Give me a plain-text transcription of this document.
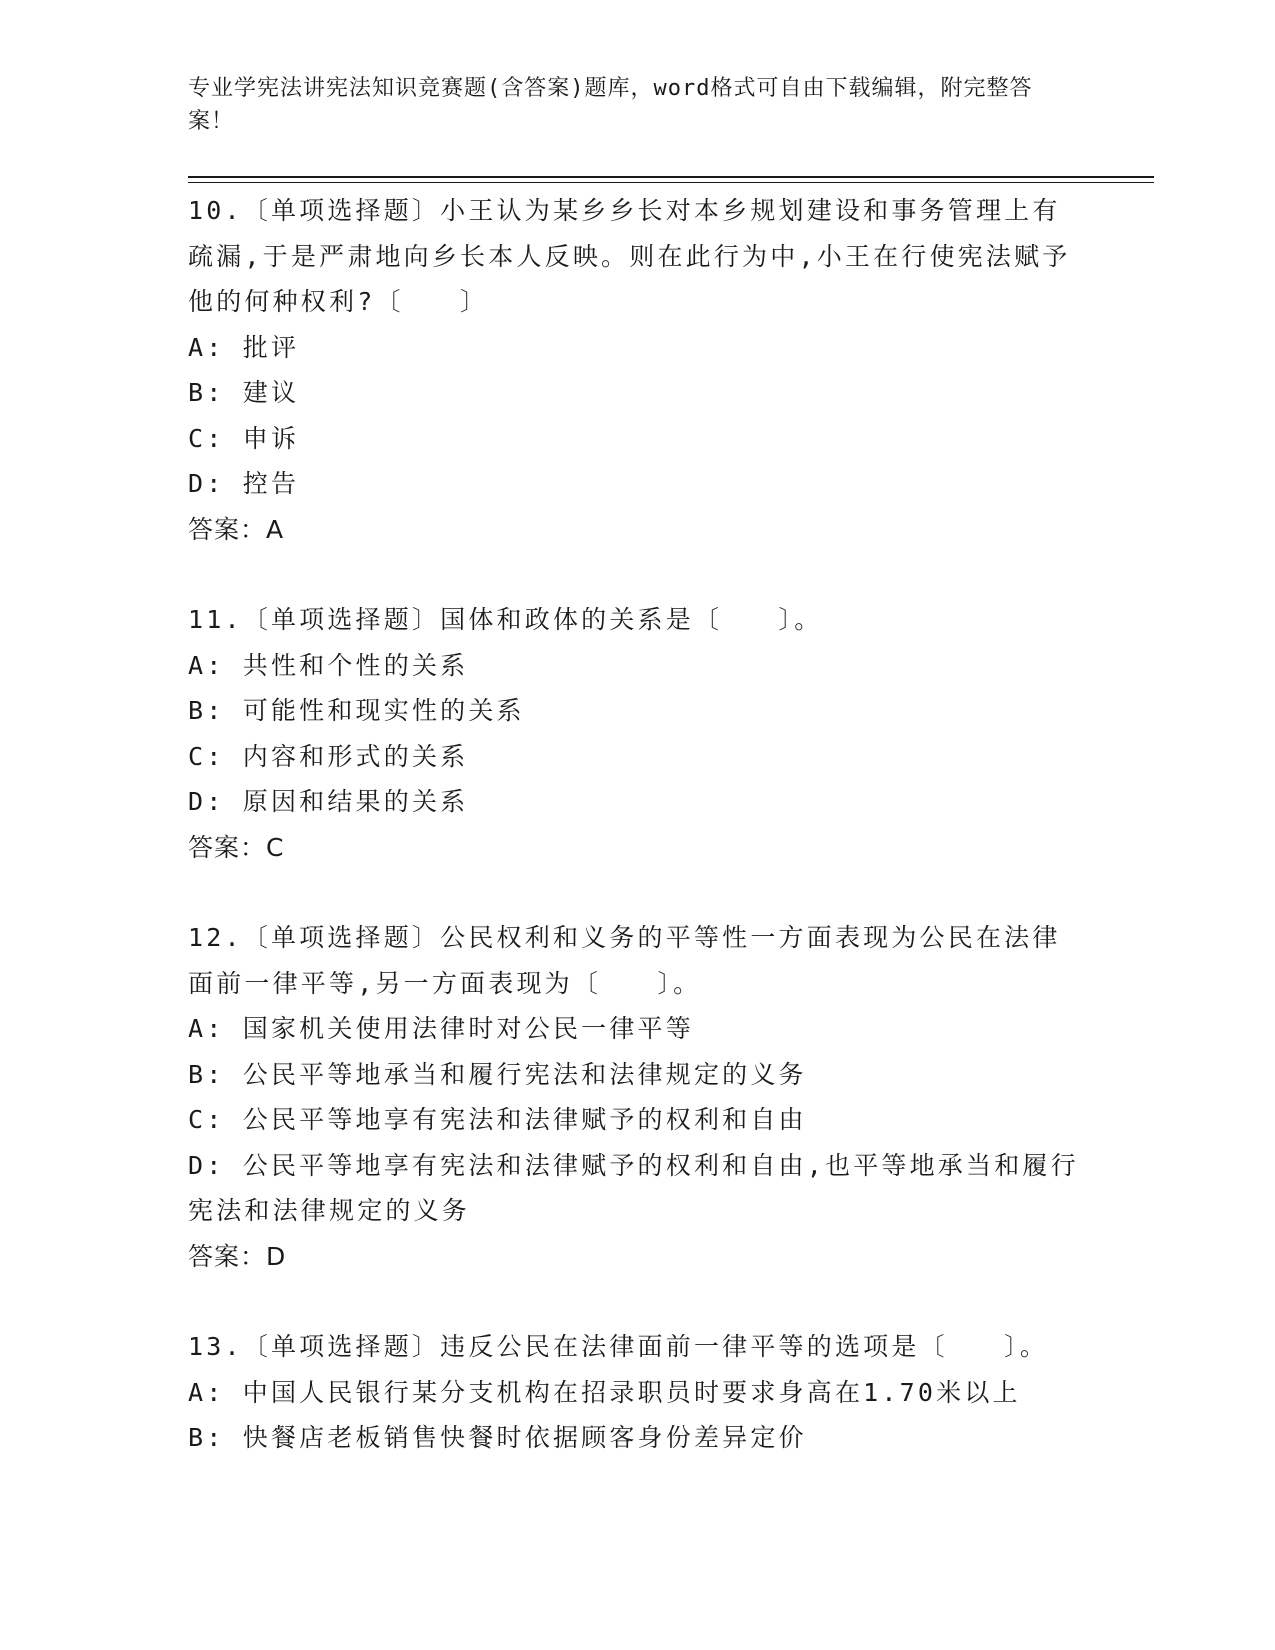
专业学宪法讲宪法知识竞赛题(含答案)题库，word格式可自由下载编辑，附完整答案！

10.〔单项选择题〕小王认为某乡乡长对本乡规划建设和事务管理上有疏漏,于是严肃地向乡长本人反映。则在此行为中,小王在行使宪法赋予他的何种权利?〔　　〕

A: 批评

B: 建议

C: 申诉

D: 控告

答案：A

11.〔单项选择题〕国体和政体的关系是〔　　〕。

A: 共性和个性的关系

B: 可能性和现实性的关系

C: 内容和形式的关系

D: 原因和结果的关系

答案：C

12.〔单项选择题〕公民权利和义务的平等性一方面表现为公民在法律面前一律平等,另一方面表现为〔　　〕。

A: 国家机关使用法律时对公民一律平等

B: 公民平等地承当和履行宪法和法律规定的义务

C: 公民平等地享有宪法和法律赋予的权利和自由

D: 公民平等地享有宪法和法律赋予的权利和自由,也平等地承当和履行宪法和法律规定的义务

答案：D

13.〔单项选择题〕违反公民在法律面前一律平等的选项是〔　　〕。

A: 中国人民银行某分支机构在招录职员时要求身高在1.70米以上

B: 快餐店老板销售快餐时依据顾客身份差异定价
